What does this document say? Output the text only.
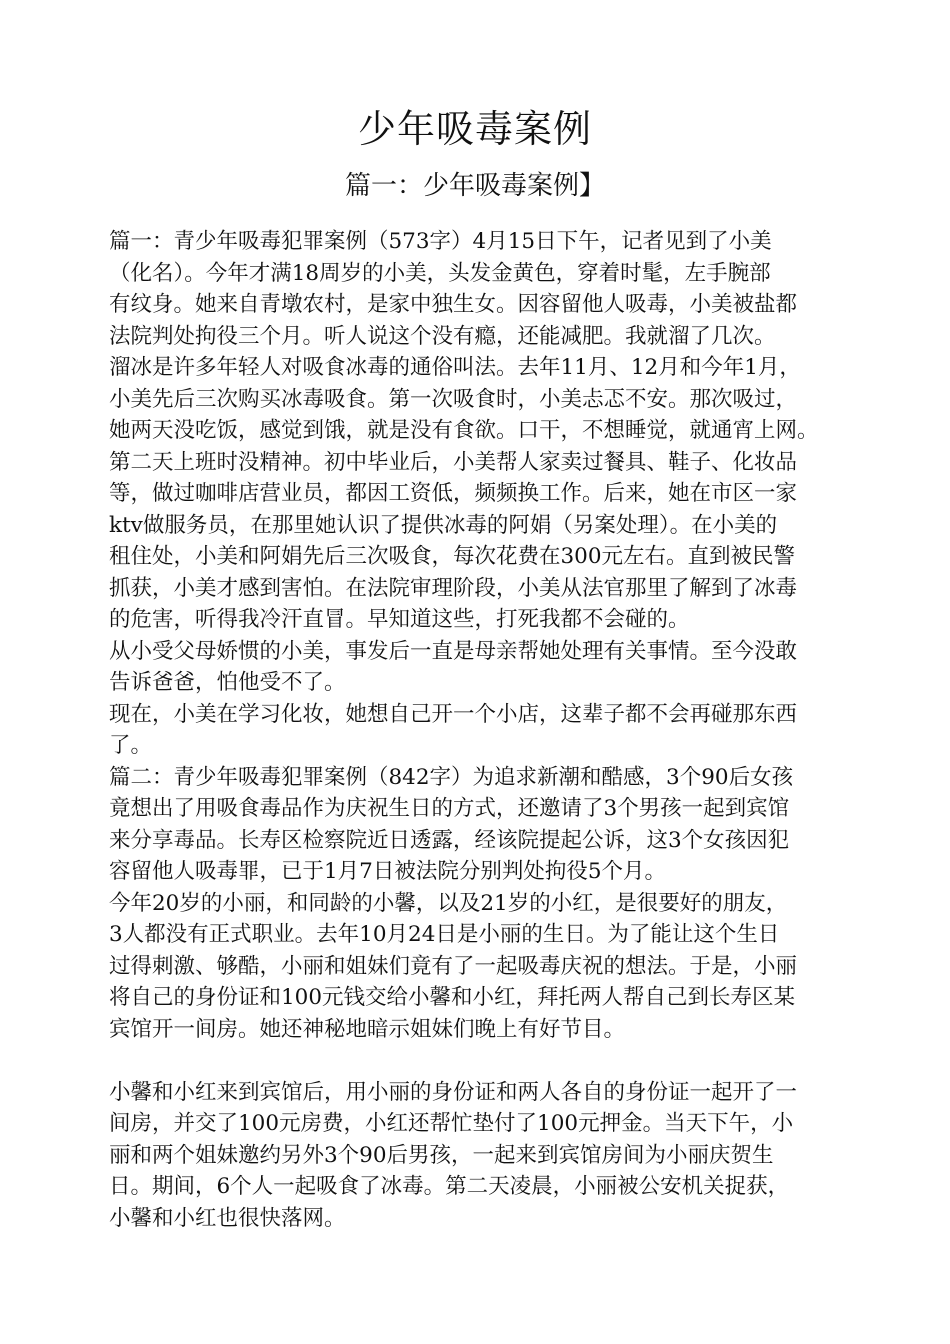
少年吸毒案例
篇一：少年吸毒案例】
篇一：青少年吸毒犯罪案例（573字）4月15日下午，记者见到了小美
（化名）。今年才满18周岁的小美，头发金黄色，穿着时髦，左手腕部
有纹身。她来自青墩农村，是家中独生女。因容留他人吸毒，小美被盐都
法院判处拘役三个月。听人说这个没有瘾，还能减肥。我就溜了几次。
溜冰是许多年轻人对吸食冰毒的通俗叫法。去年11月、12月和今年1月，
小美先后三次购买冰毒吸食。第一次吸食时，小美忐忑不安。那次吸过，
她两天没吃饭，感觉到饿，就是没有食欲。口干，不想睡觉，就通宵上网。
第二天上班时没精神。初中毕业后，小美帮人家卖过餐具、鞋子、化妆品
等，做过咖啡店营业员，都因工资低，频频换工作。后来，她在市区一家
ktv做服务员，在那里她认识了提供冰毒的阿娟（另案处理）。在小美的
租住处，小美和阿娟先后三次吸食，每次花费在300元左右。直到被民警
抓获，小美才感到害怕。在法院审理阶段，小美从法官那里了解到了冰毒
的危害，听得我冷汗直冒。早知道这些，打死我都不会碰的。
从小受父母娇惯的小美，事发后一直是母亲帮她处理有关事情。至今没敢
告诉爸爸，怕他受不了。
现在，小美在学习化妆，她想自己开一个小店，这辈子都不会再碰那东西
了。
篇二：青少年吸毒犯罪案例（842字）为追求新潮和酷感，3个90后女孩
竟想出了用吸食毒品作为庆祝生日的方式，还邀请了3个男孩一起到宾馆
来分享毒品。长寿区检察院近日透露，经该院提起公诉，这3个女孩因犯
容留他人吸毒罪，已于1月7日被法院分别判处拘役5个月。
今年20岁的小丽，和同龄的小馨，以及21岁的小红，是很要好的朋友，
3人都没有正式职业。去年10月24日是小丽的生日。为了能让这个生日
过得刺激、够酷，小丽和姐妹们竟有了一起吸毒庆祝的想法。于是，小丽
将自己的身份证和100元钱交给小馨和小红，拜托两人帮自己到长寿区某
宾馆开一间房。她还神秘地暗示姐妹们晚上有好节目。
小馨和小红来到宾馆后，用小丽的身份证和两人各自的身份证一起开了一
间房，并交了100元房费，小红还帮忙垫付了100元押金。当天下午，小
丽和两个姐妹邀约另外3个90后男孩，一起来到宾馆房间为小丽庆贺生
日。期间，6个人一起吸食了冰毒。第二天凌晨，小丽被公安机关捉获，
小馨和小红也很快落网。
